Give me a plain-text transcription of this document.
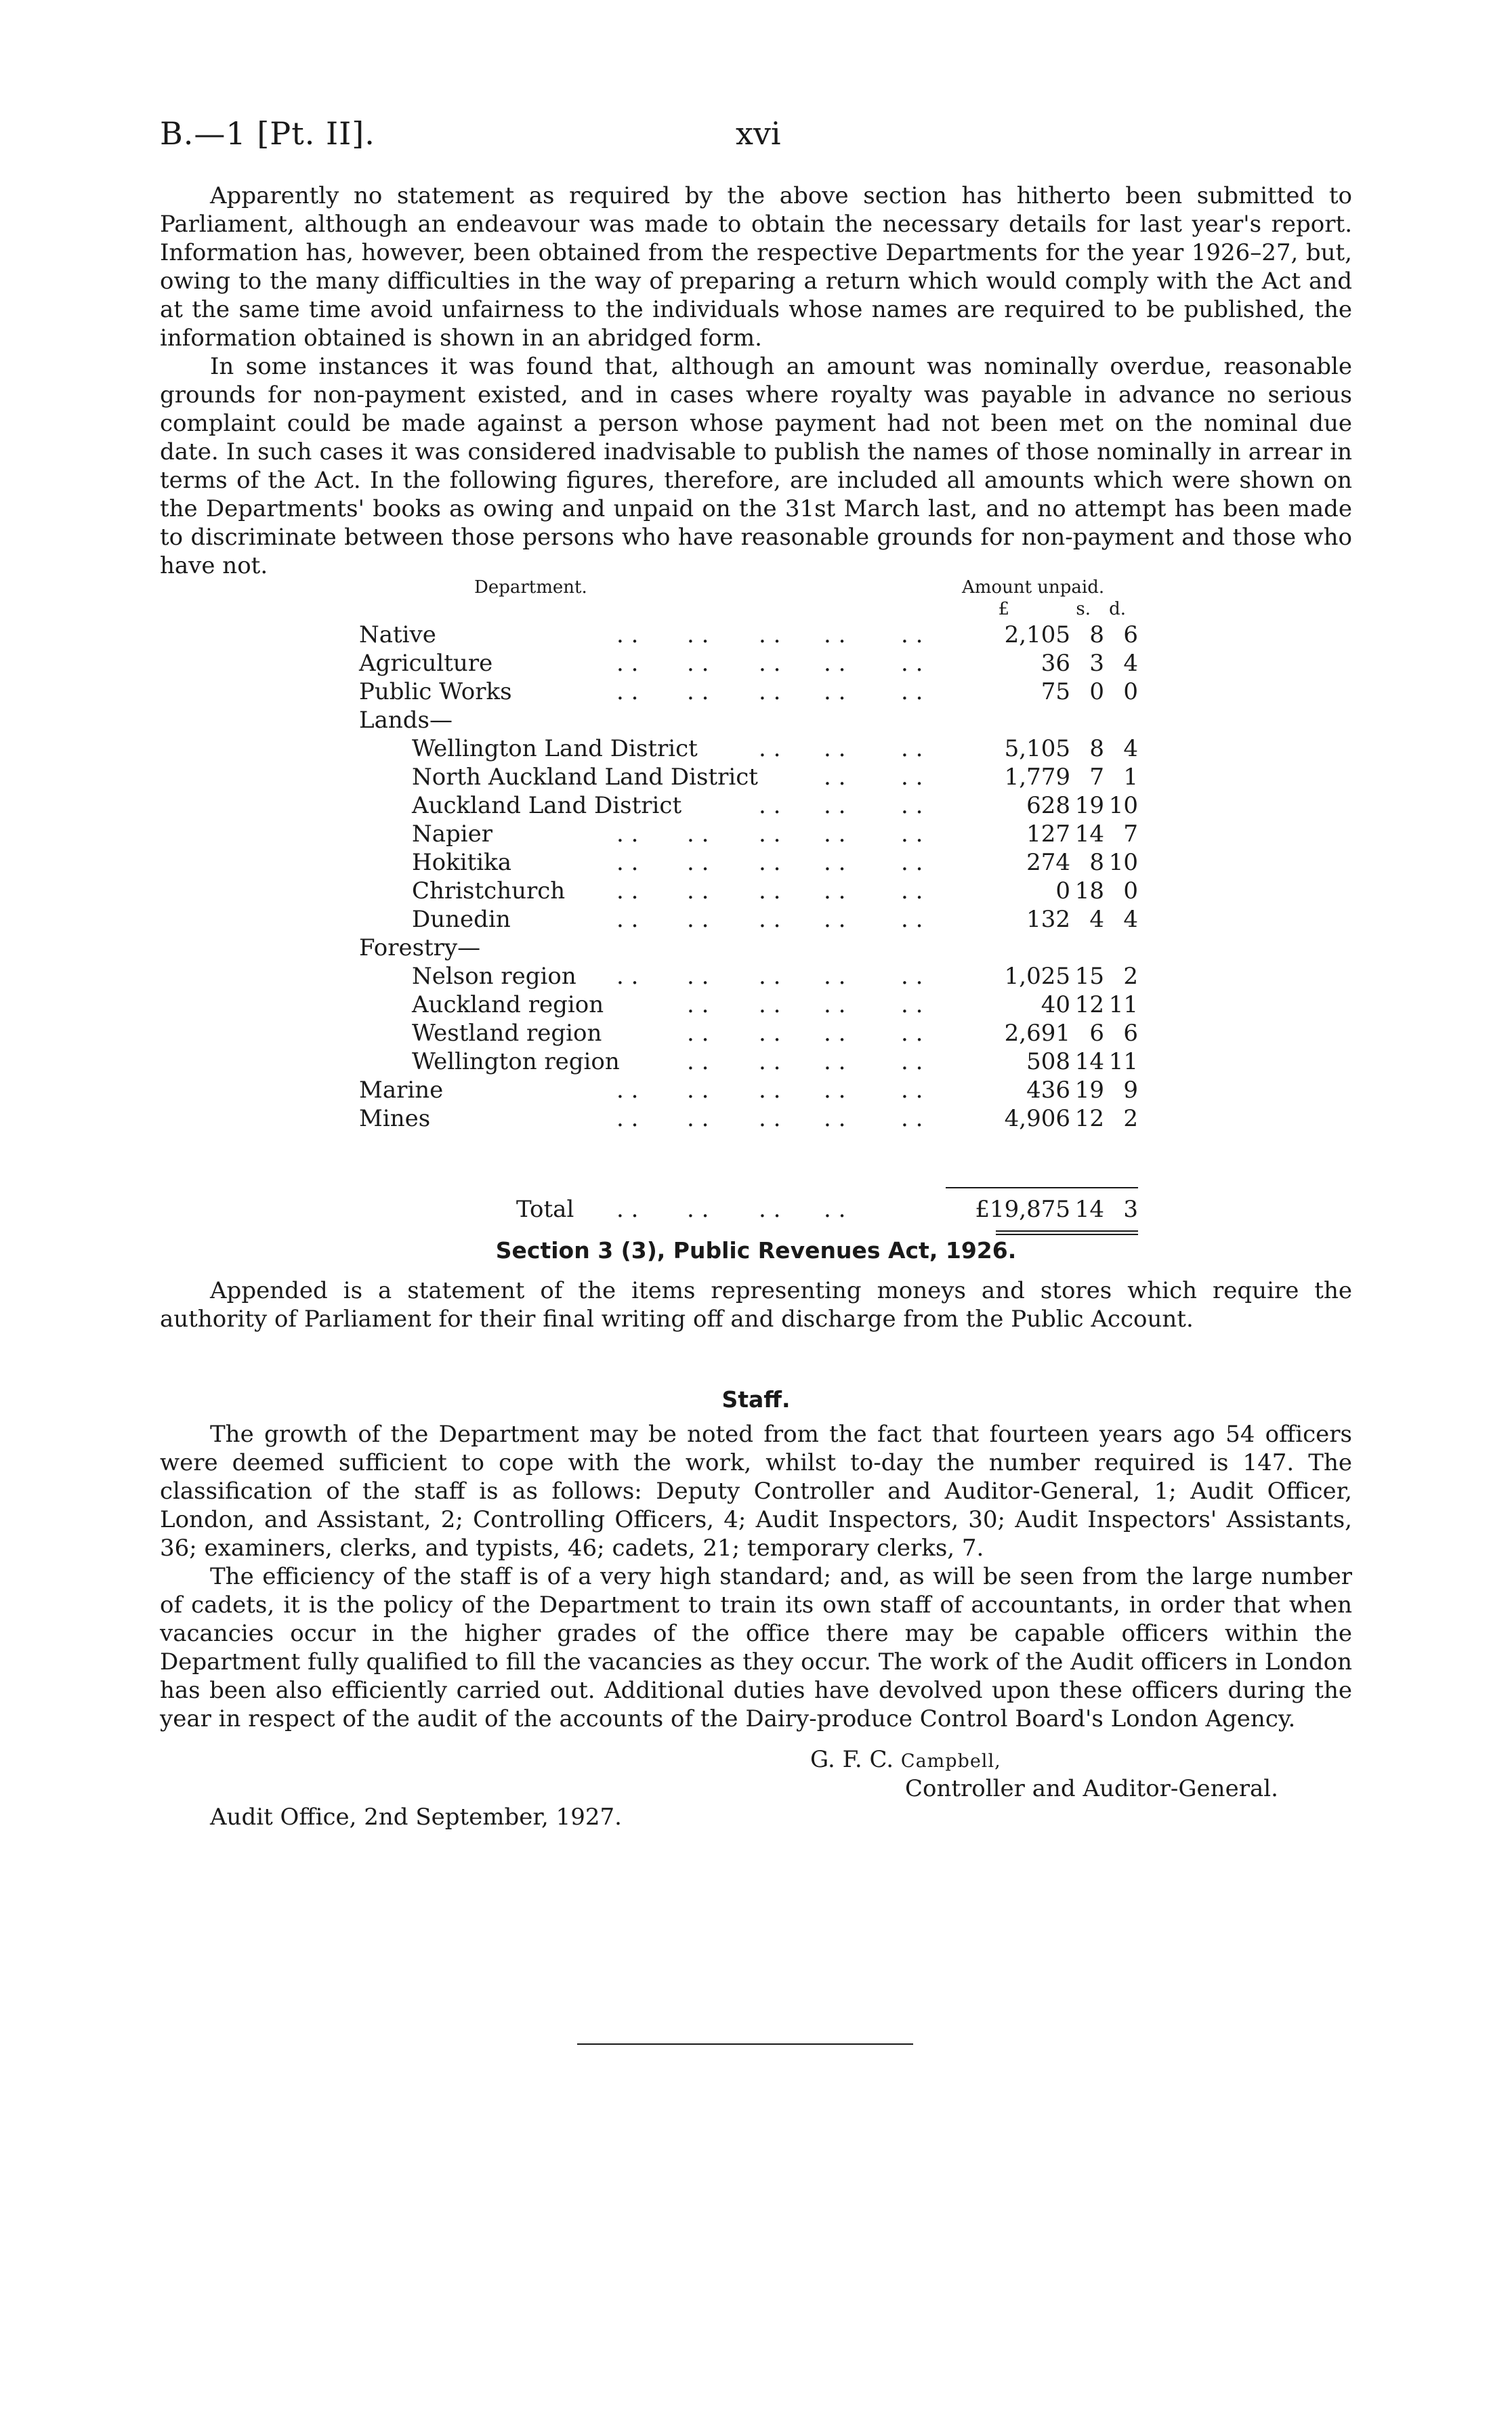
B.—1 [Pt. II].	xvi

Apparently no statement as required by the above section has hitherto been submitted to Parliament, although an endeavour was made to obtain the necessary details for last year's report. Information has, however, been obtained from the respective Departments for the year 1926–27, but, owing to the many difficulties in the way of preparing a return which would comply with the Act and at the same time avoid unfairness to the individuals whose names are required to be published, the information obtained is shown in an abridged form.

In some instances it was found that, although an amount was nominally overdue, reasonable grounds for non-payment existed, and in cases where royalty was payable in advance no serious complaint could be made against a person whose payment had not been met on the nominal due date. In such cases it was considered inadvisable to publish the names of those nominally in arrear in terms of the Act. In the following figures, therefore, are included all amounts which were shown on the Departments' books as owing and unpaid on the 31st March last, and no attempt has been made to discriminate between those persons who have reasonable grounds for non-payment and those who have not.

Department.	Amount unpaid.
£	s.	d.
Native	. . . . . . . . . .	2,105 8 6
Agriculture	. . . . . . . . . .	36 3 4
Public Works	. . . . . . . . . .	75 0 0
Lands—
Wellington Land District	. . . . . .	5,105 8 4
North Auckland Land District	. . . .	1,779 7 1
Auckland Land District	. . . . . .	628 19 10
Napier	. . . . . . . . . .	127 14 7
Hokitika	. . . . . . . . . .	274 8 10
Christchurch . . . . . . . . . .	0 18 0
Dunedin	. . . . . . . . . .	132 4 4
Forestry—
Nelson region . . . . . . . . . .	1,025 15 2
Auckland region	. . . . . . . .	40 12 11
Westland region	. . . . . . . .	2,691 6 6
Wellington region	. . . . . . . .	508 14 11
Marine	. . . . . . . . . .	436 19 9
Mines	. . . . . . . . . .	4,906 12 2
Total . . . . . . . .	£19,875 14 3
Section 3 (3), Public Revenues Act, 1926.

Appended is a statement of the items representing moneys and stores which require the authority of Parliament for their final writing off and discharge from the Public Account.

Staff.

The growth of the Department may be noted from the fact that fourteen years ago 54 officers were deemed sufficient to cope with the work, whilst to-day the number required is 147. The classification of the staff is as follows: Deputy Controller and Auditor-General, 1; Audit Officer, London, and Assistant, 2; Controlling Officers, 4; Audit Inspectors, 30; Audit Inspectors' Assistants, 36; examiners, clerks, and typists, 46; cadets, 21; temporary clerks, 7.

The efficiency of the staff is of a very high standard; and, as will be seen from the large number of cadets, it is the policy of the Department to train its own staff of accountants, in order that when vacancies occur in the higher grades of the office there may be capable officers within the Department fully qualified to fill the vacancies as they occur. The work of the Audit officers in London has been also efficiently carried out. Additional duties have devolved upon these officers during the year in respect of the audit of the accounts of the Dairy-produce Control Board's London Agency.

G. F. C. Campbell,
Controller and Auditor-General.
Audit Office, 2nd September, 1927.
